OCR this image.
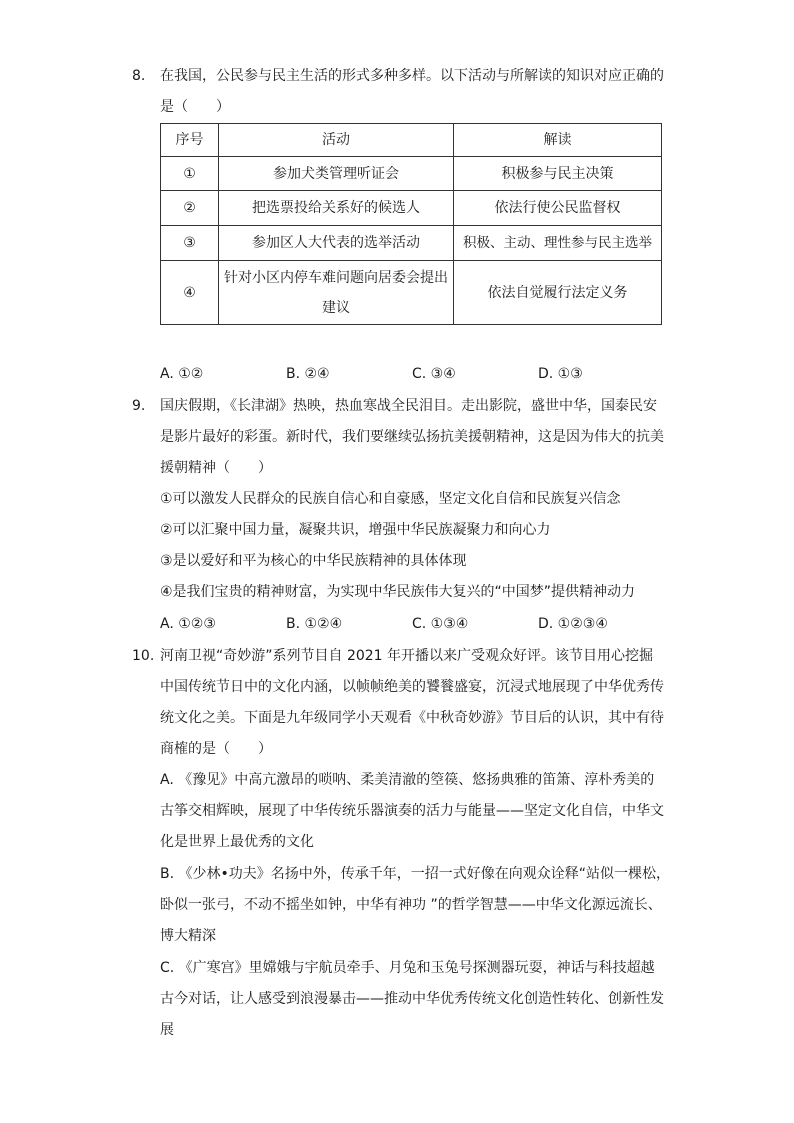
8. 在我国，公民参与民主生活的形式多种多样。以下活动与所解读的知识对应正确的
是（　　）
序号	活动	解读
①	参加犬类管理听证会	积极参与民主决策
②	把选票投给关系好的候选人	依法行使公民监督权
③	参加区人大代表的选举活动	积极、主动、理性参与民主选举
④	针对小区内停车难问题向居委会提出
建议	依法自觉履行法定义务
A. ①②	B. ②④	C. ③④	D. ①③
9. 国庆假期，《长津湖》热映，热血寒战全民泪目。走出影院，盛世中华，国泰民安
是影片最好的彩蛋。新时代，我们要继续弘扬抗美援朝精神，这是因为伟大的抗美
援朝精神（　　）
①可以激发人民群众的民族自信心和自豪感，坚定文化自信和民族复兴信念
②可以汇聚中国力量，凝聚共识，增强中华民族凝聚力和向心力
③是以爱好和平为核心的中华民族精神的具体体现
④是我们宝贵的精神财富，为实现中华民族伟大复兴的“中国梦”提供精神动力
A. ①②③	B. ①②④	C. ①③④	D. ①②③④
10. 河南卫视“奇妙游”系列节目自 2021 年开播以来广受观众好评。该节目用心挖掘
中国传统节日中的文化内涵，以帧帧绝美的饕餮盛宴，沉浸式地展现了中华优秀传
统文化之美。下面是九年级同学小天观看《中秋奇妙游》节目后的认识，其中有待
商榷的是（　　）
A. 《豫见》中高亢激昂的唢呐、柔美清澈的箜篌、悠扬典雅的笛箫、淳朴秀美的
古筝交相辉映，展现了中华传统乐器演奏的活力与能量——坚定文化自信，中华文
化是世界上最优秀的文化
B. 《少林•功夫》名扬中外，传承千年，一招一式好像在向观众诠释“站似一棵松，
卧似一张弓，不动不摇坐如钟，中华有神功 ”的哲学智慧——中华文化源远流长、
博大精深
C. 《广寒宫》里嫦娥与宇航员牵手、月兔和玉兔号探测器玩耍，神话与科技超越
古今对话，让人感受到浪漫暴击——推动中华优秀传统文化创造性转化、创新性发
展
